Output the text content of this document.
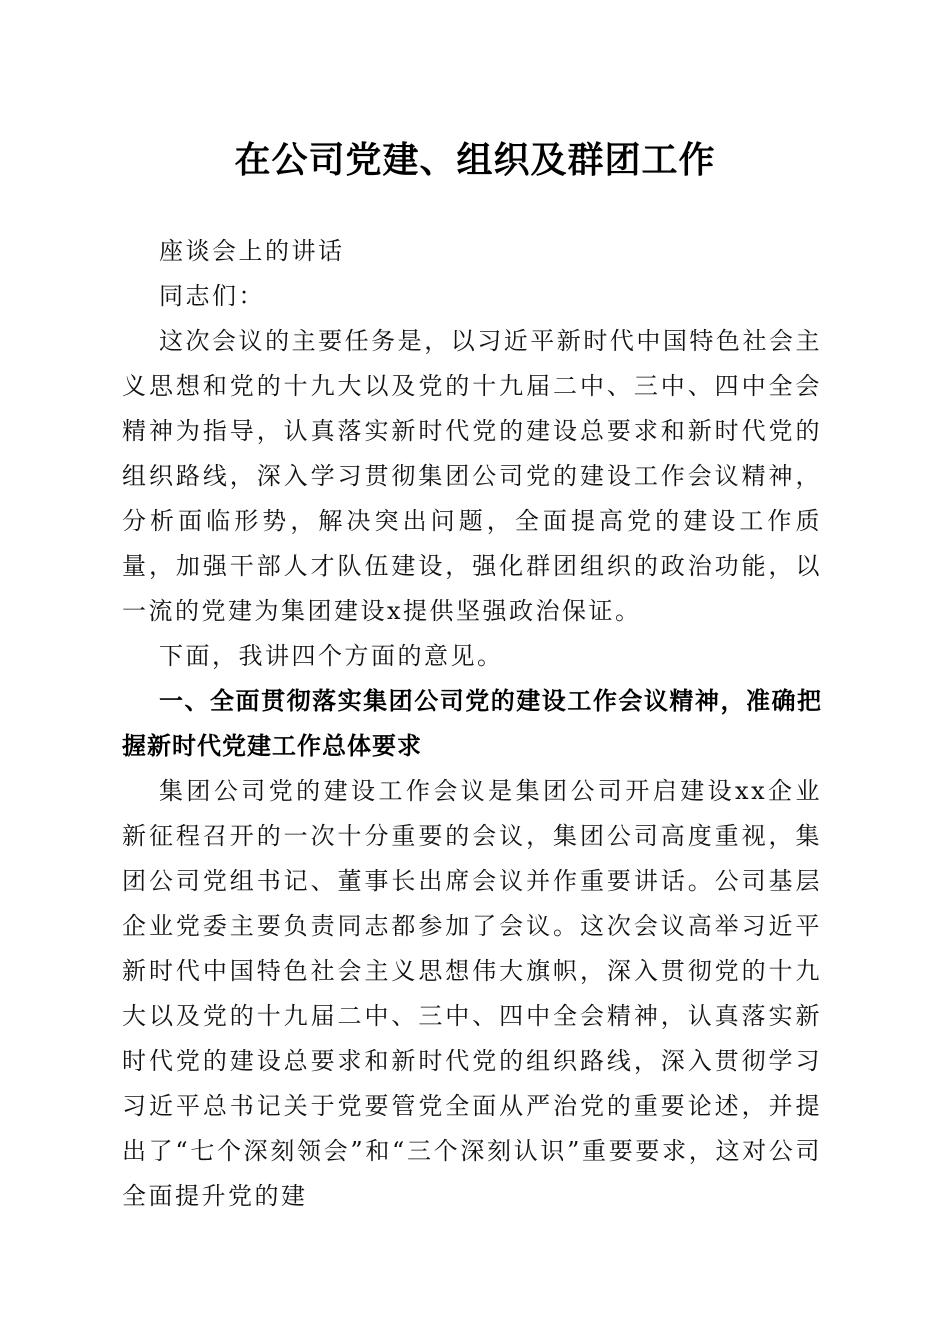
在公司党建、组织及群团工作

座谈会上的讲话

同志们：

这次会议的主要任务是，以习近平新时代中国特色社会主义思想和党的十九大以及党的十九届二中、三中、四中全会精神为指导，认真落实新时代党的建设总要求和新时代党的组织路线，深入学习贯彻集团公司党的建设工作会议精神，分析面临形势，解决突出问题，全面提高党的建设工作质量，加强干部人才队伍建设，强化群团组织的政治功能，以一流的党建为集团建设x提供坚强政治保证。

下面，我讲四个方面的意见。

一、全面贯彻落实集团公司党的建设工作会议精神，准确把握新时代党建工作总体要求

集团公司党的建设工作会议是集团公司开启建设xx企业新征程召开的一次十分重要的会议，集团公司高度重视，集团公司党组书记、董事长出席会议并作重要讲话。公司基层企业党委主要负责同志都参加了会议。这次会议高举习近平新时代中国特色社会主义思想伟大旗帜，深入贯彻党的十九大以及党的十九届二中、三中、四中全会精神，认真落实新时代党的建设总要求和新时代党的组织路线，深入贯彻学习习近平总书记关于党要管党全面从严治党的重要论述，并提出了“七个深刻领会”和“三个深刻认识”重要要求，这对公司全面提升党的建
